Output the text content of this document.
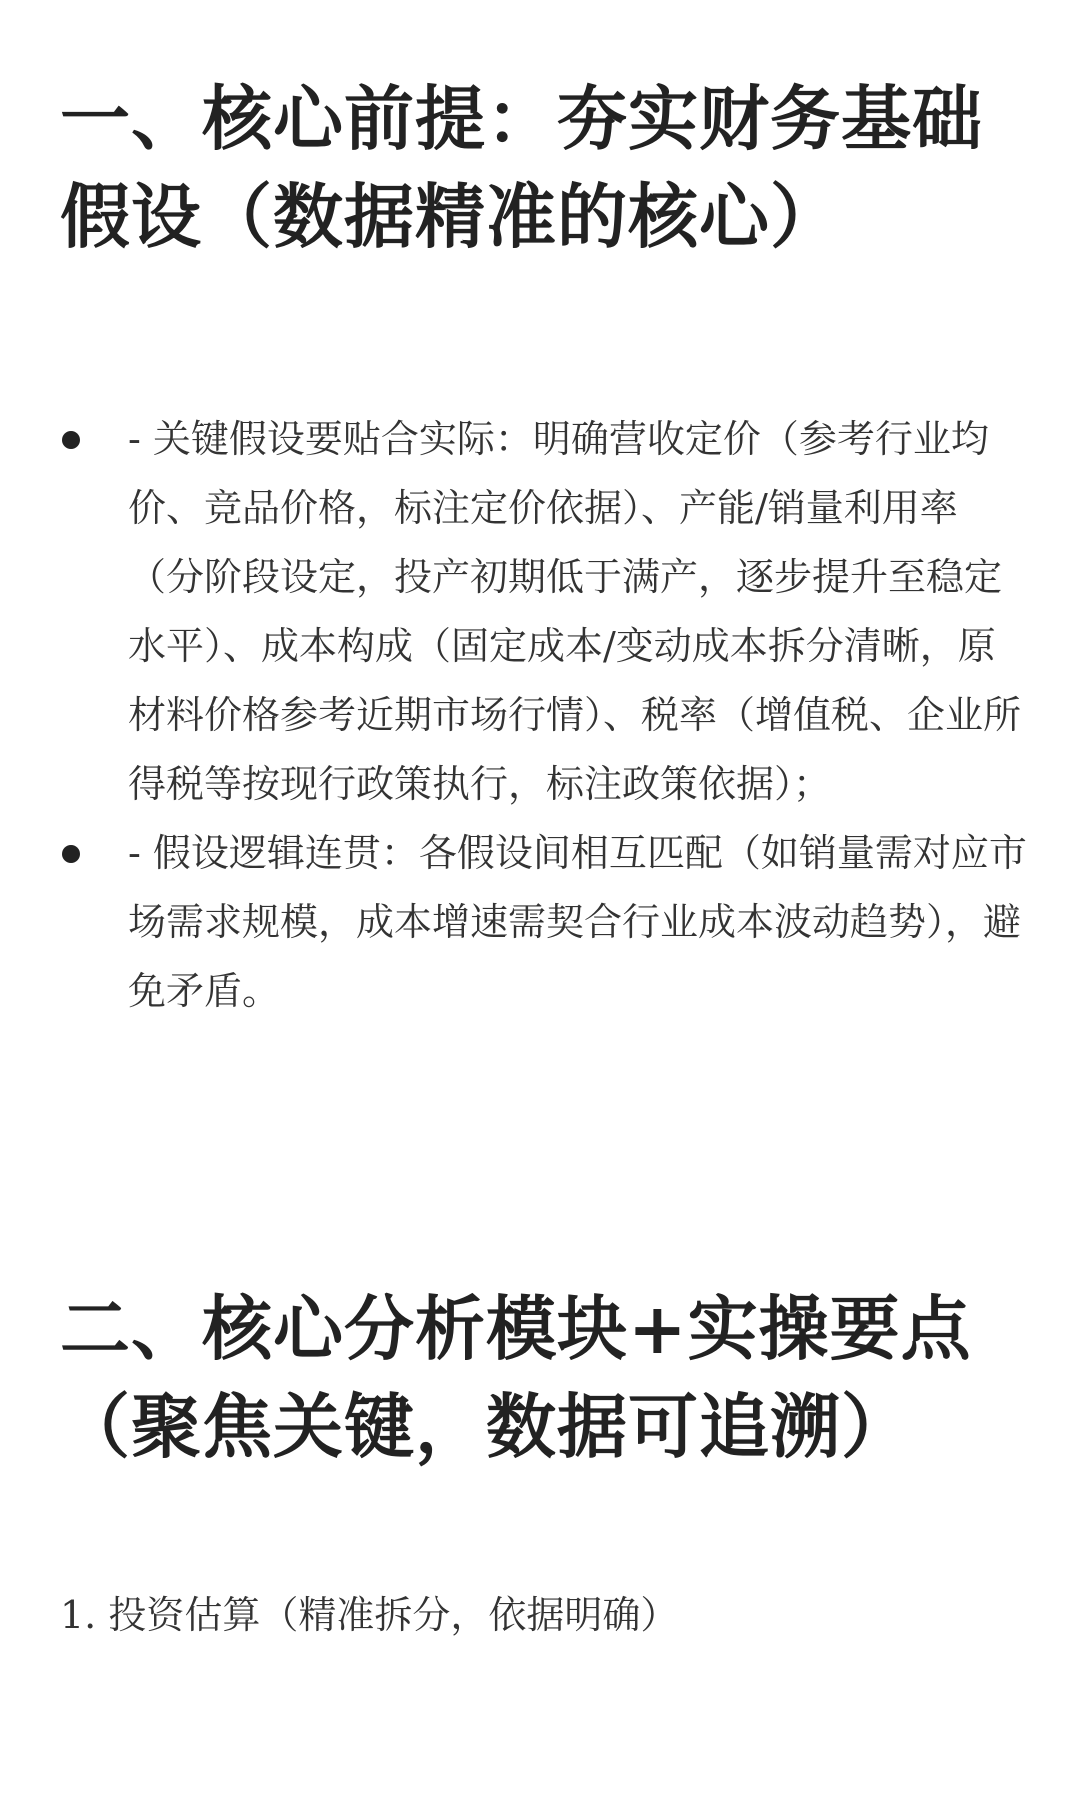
一、核心前提：夯实财务基础假设（数据精准的核心）
- 关键假设要贴合实际：明确营收定价（参考行业均价、竞品价格，标注定价依据）、产能/销量利用率（分阶段设定，投产初期低于满产，逐步提升至稳定水平）、成本构成（固定成本/变动成本拆分清晰，原材料价格参考近期市场行情）、税率（增值税、企业所得税等按现行政策执行，标注政策依据）；
- 假设逻辑连贯：各假设间相互匹配（如销量需对应市场需求规模，成本增速需契合行业成本波动趋势），避免矛盾。
二、核心分析模块+实操要点（聚焦关键，数据可追溯）

1. 投资估算（精准拆分，依据明确）
